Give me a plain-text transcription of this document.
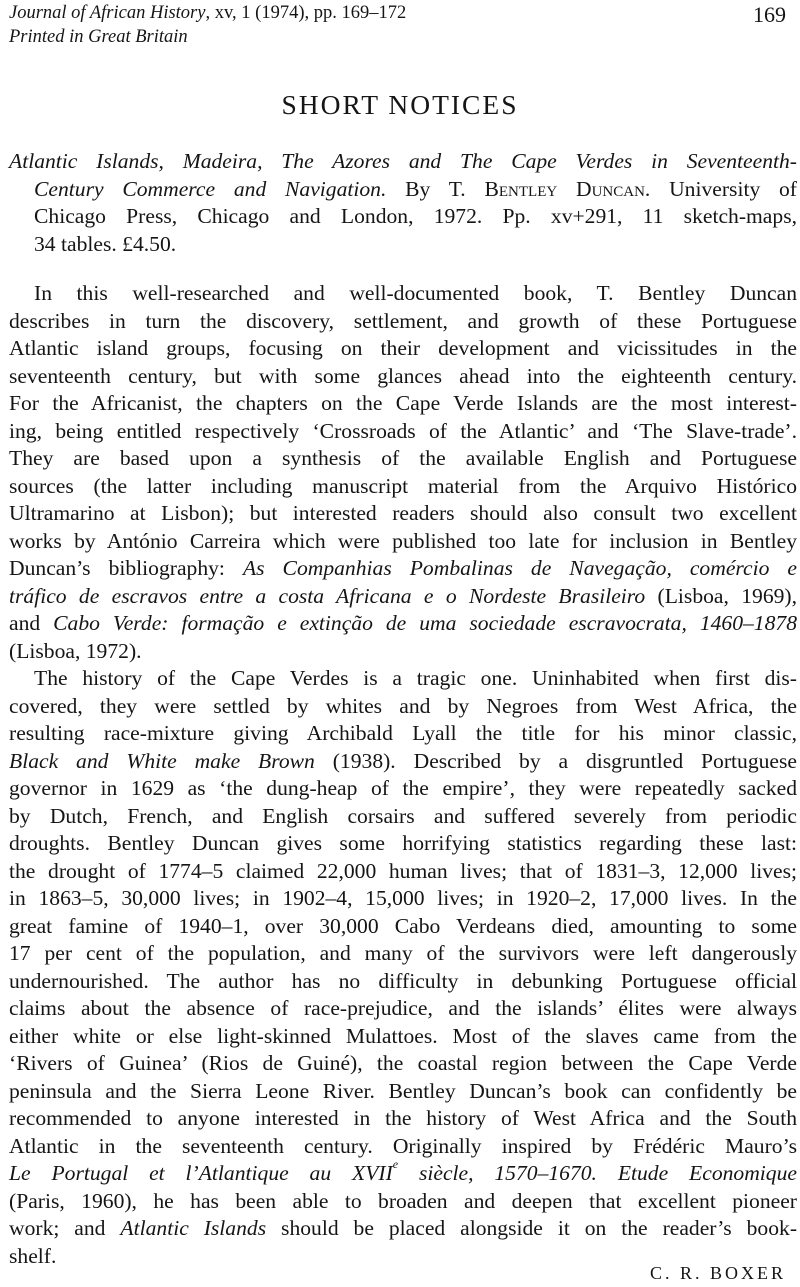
Journal of African History, xv, 1 (1974), pp. 169–172
Printed in Great Britain
169
SHORT NOTICES
Atlantic Islands, Madeira, The Azores and The Cape Verdes in Seventeenth-
Century Commerce and Navigation. By T. Bentley Duncan. University of
Chicago Press, Chicago and London, 1972. Pp. xv+291, 11 sketch-maps,
34 tables. £4.50.
In this well-researched and well-documented book, T. Bentley Duncan
describes in turn the discovery, settlement, and growth of these Portuguese
Atlantic island groups, focusing on their development and vicissitudes in the
seventeenth century, but with some glances ahead into the eighteenth century.
For the Africanist, the chapters on the Cape Verde Islands are the most interest-
ing, being entitled respectively ‘Crossroads of the Atlantic’ and ‘The Slave-trade’.
They are based upon a synthesis of the available English and Portuguese
sources (the latter including manuscript material from the Arquivo Histórico
Ultramarino at Lisbon); but interested readers should also consult two excellent
works by António Carreira which were published too late for inclusion in Bentley
Duncan’s bibliography: As Companhias Pombalinas de Navegação, comércio e
tráfico de escravos entre a costa Africana e o Nordeste Brasileiro (Lisboa, 1969),
and Cabo Verde: formação e extinção de uma sociedade escravocrata, 1460–1878
(Lisboa, 1972).
The history of the Cape Verdes is a tragic one. Uninhabited when first dis-
covered, they were settled by whites and by Negroes from West Africa, the
resulting race-mixture giving Archibald Lyall the title for his minor classic,
Black and White make Brown (1938). Described by a disgruntled Portuguese
governor in 1629 as ‘the dung-heap of the empire’, they were repeatedly sacked
by Dutch, French, and English corsairs and suffered severely from periodic
droughts. Bentley Duncan gives some horrifying statistics regarding these last:
the drought of 1774–5 claimed 22,000 human lives; that of 1831–3, 12,000 lives;
in 1863–5, 30,000 lives; in 1902–4, 15,000 lives; in 1920–2, 17,000 lives. In the
great famine of 1940–1, over 30,000 Cabo Verdeans died, amounting to some
17 per cent of the population, and many of the survivors were left dangerously
undernourished. The author has no difficulty in debunking Portuguese official
claims about the absence of race-prejudice, and the islands’ élites were always
either white or else light-skinned Mulattoes. Most of the slaves came from the
‘Rivers of Guinea’ (Rios de Guiné), the coastal region between the Cape Verde
peninsula and the Sierra Leone River. Bentley Duncan’s book can confidently be
recommended to anyone interested in the history of West Africa and the South
Atlantic in the seventeenth century. Originally inspired by Frédéric Mauro’s
Le Portugal et l’Atlantique au XVIIe siècle, 1570–1670. Etude Economique
(Paris, 1960), he has been able to broaden and deepen that excellent pioneer
work; and Atlantic Islands should be placed alongside it on the reader’s book-
shelf.
C. R. BOXER
